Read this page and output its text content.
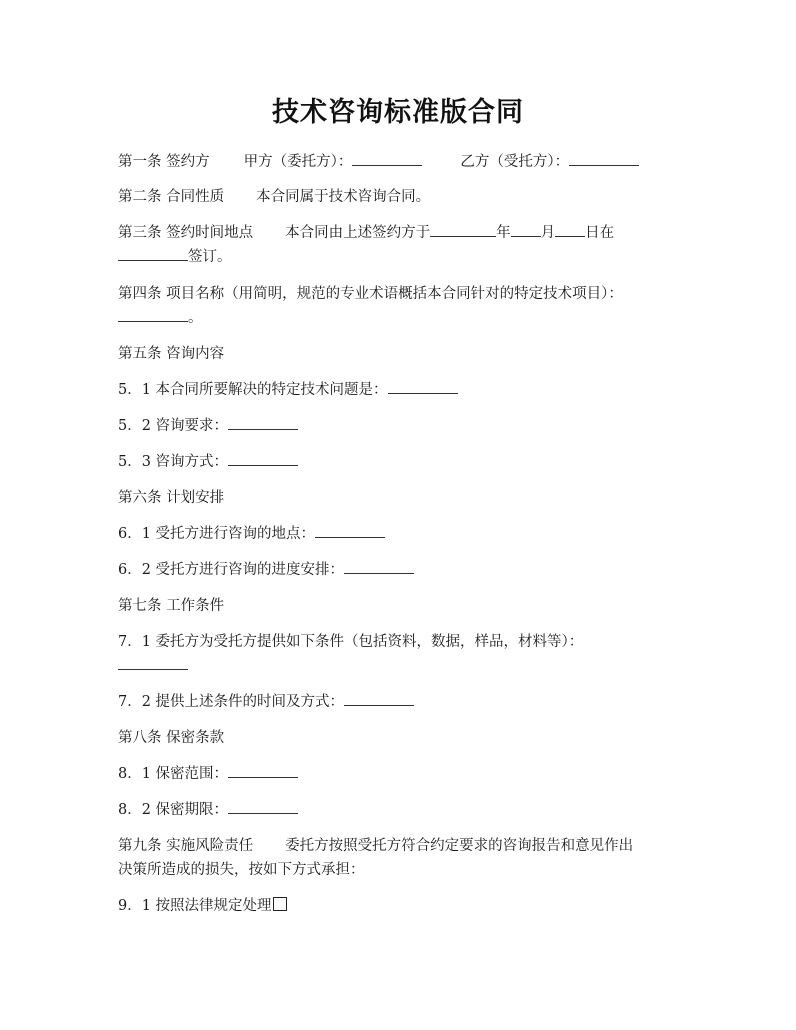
技术咨询标准版合同
第一条 签约方 甲方（委托方）：	乙方（受托方）：
第二条 合同性质 本合同属于技术咨询合同。
第三条 签约时间地点 本合同由上述签约方于	年 月 日在
签订。
第四条 项目名称（用简明，规范的专业术语概括本合同针对的特定技术项目）：
。
第五条 咨询内容
5．1 本合同所要解决的特定技术问题是：
5．2 咨询要求：
5．3 咨询方式：
第六条 计划安排
6．1 受托方进行咨询的地点：
6．2 受托方进行咨询的进度安排：
第七条 工作条件
7．1 委托方为受托方提供如下条件（包括资料，数据，样品，材料等）：
7．2 提供上述条件的时间及方式：
第八条 保密条款
8．1 保密范围：
8．2 保密期限：
第九条 实施风险责任 委托方按照受托方符合约定要求的咨询报告和意见作出
决策所造成的损失，按如下方式承担：
9．1 按照法律规定处理
